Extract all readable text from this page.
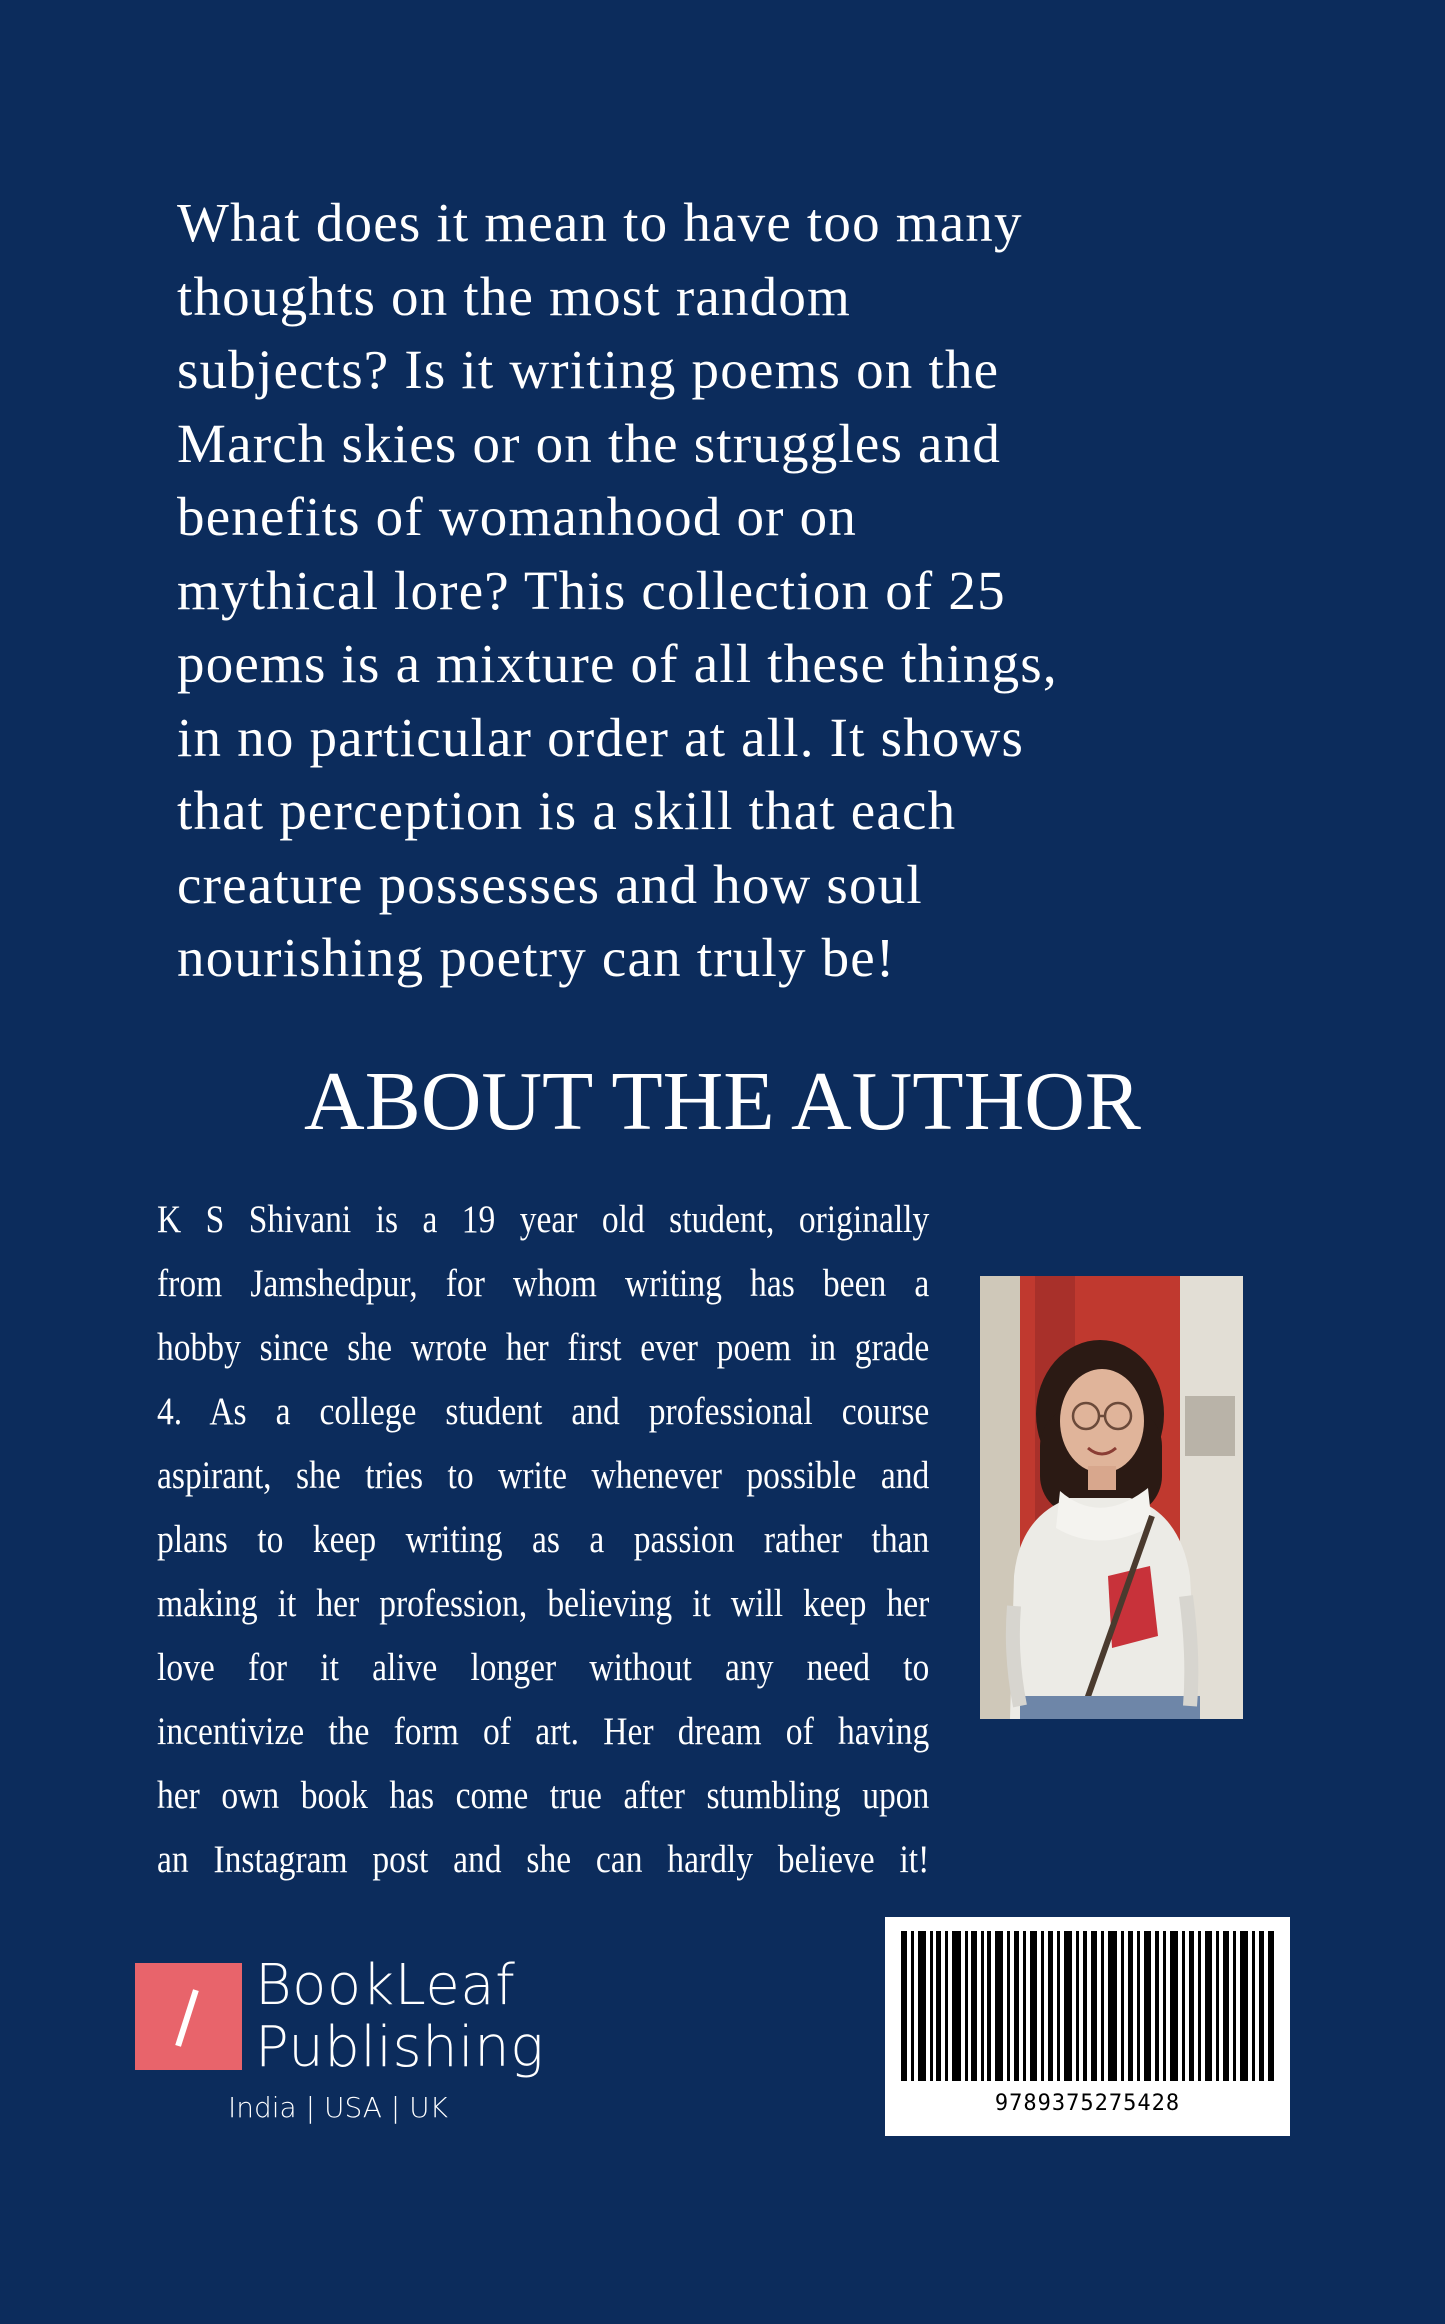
What does it mean to have too many
thoughts on the most random
subjects? Is it writing poems on the
March skies or on the struggles and
benefits of womanhood or on
mythical lore? This collection of 25
poems is a mixture of all these things,
in no particular order at all. It shows
that perception is a skill that each
creature possesses and how soul
nourishing poetry can truly be!
ABOUT THE AUTHOR
K S Shivani is a 19 year old student, originally
from Jamshedpur, for whom writing has been a
hobby since she wrote her first ever poem in grade
4. As a college student and professional course
aspirant, she tries to write whenever possible and
plans to keep writing as a passion rather than
making it her profession, believing it will keep her
love for it alive longer without any need to
incentivize the form of art. Her dream of having
her own book has come true after stumbling upon
an Instagram post and she can hardly believe it!
9789375275428
BookLeaf
Publishing
India | USA | UK
